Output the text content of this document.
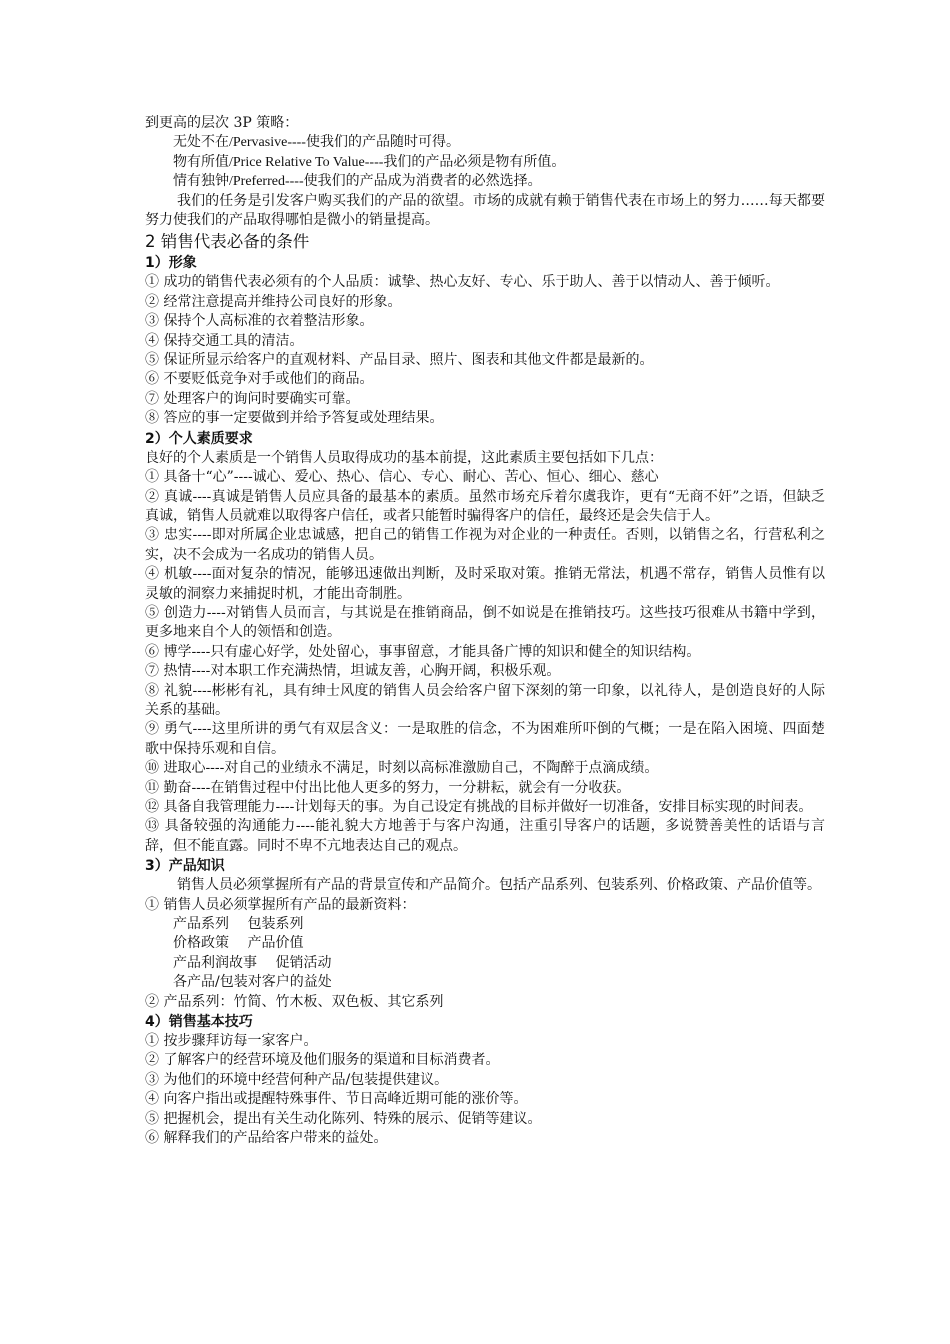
到更高的层次 3P 策略：
无处不在/Pervasive----使我们的产品随时可得。
物有所值/Price Relative To Value----我们的产品必须是物有所值。
情有独钟/Preferred----使我们的产品成为消费者的必然选择。
我们的任务是引发客户购买我们的产品的欲望。市场的成就有赖于销售代表在市场上的努力……每天都要努力使我们的产品取得哪怕是微小的销量提高。
2 销售代表必备的条件
1）形象
① 成功的销售代表必须有的个人品质：诚挚、热心友好、专心、乐于助人、善于以情动人、善于倾听。
② 经常注意提高并维持公司良好的形象。
③ 保持个人高标准的衣着整洁形象。
④ 保持交通工具的清洁。
⑤ 保证所显示给客户的直观材料、产品目录、照片、图表和其他文件都是最新的。
⑥ 不要贬低竞争对手或他们的商品。
⑦ 处理客户的询问时要确实可靠。
⑧ 答应的事一定要做到并给予答复或处理结果。
2）个人素质要求
良好的个人素质是一个销售人员取得成功的基本前提，这此素质主要包括如下几点：
① 具备十“心”----诚心、爱心、热心、信心、专心、耐心、苦心、恒心、细心、慈心
② 真诚----真诚是销售人员应具备的最基本的素质。虽然市场充斥着尔虞我诈，更有“无商不奸”之语，但缺乏真诚，销售人员就难以取得客户信任，或者只能暂时骗得客户的信任，最终还是会失信于人。
③ 忠实----即对所属企业忠诚感，把自己的销售工作视为对企业的一种责任。否则，以销售之名，行营私利之实，决不会成为一名成功的销售人员。
④ 机敏----面对复杂的情况，能够迅速做出判断，及时采取对策。推销无常法，机遇不常存，销售人员惟有以灵敏的洞察力来捕捉时机，才能出奇制胜。
⑤ 创造力----对销售人员而言，与其说是在推销商品，倒不如说是在推销技巧。这些技巧很难从书籍中学到，更多地来自个人的领悟和创造。
⑥ 博学----只有虚心好学，处处留心，事事留意，才能具备广博的知识和健全的知识结构。
⑦ 热情----对本职工作充满热情，坦诚友善，心胸开阔，积极乐观。
⑧ 礼貌----彬彬有礼，具有绅士风度的销售人员会给客户留下深刻的第一印象，以礼待人，是创造良好的人际关系的基础。
⑨ 勇气----这里所讲的勇气有双层含义：一是取胜的信念，不为困难所吓倒的气概；一是在陷入困境、四面楚歌中保持乐观和自信。
⑩ 进取心----对自己的业绩永不满足，时刻以高标准激励自己，不陶醉于点滴成绩。
⑪ 勤奋----在销售过程中付出比他人更多的努力，一分耕耘，就会有一分收获。
⑫ 具备自我管理能力----计划每天的事。为自己设定有挑战的目标并做好一切准备，安排目标实现的时间表。
⑬ 具备较强的沟通能力----能礼貌大方地善于与客户沟通，注重引导客户的话题，多说赞善美性的话语与言辞，但不能直露。同时不卑不亢地表达自己的观点。
3）产品知识
销售人员必须掌握所有产品的背景宣传和产品简介。包括产品系列、包装系列、价格政策、产品价值等。
① 销售人员必须掌握所有产品的最新资料：
产品系列　 包装系列
价格政策　 产品价值
产品利润故事　 促销活动
各产品/包装对客户的益处
② 产品系列：竹简、竹木板、双色板、其它系列
4）销售基本技巧
① 按步骤拜访每一家客户。
② 了解客户的经营环境及他们服务的渠道和目标消费者。
③ 为他们的环境中经营何种产品/包装提供建议。
④ 向客户指出或提醒特殊事件、节日高峰近期可能的涨价等。
⑤ 把握机会，提出有关生动化陈列、特殊的展示、促销等建议。
⑥ 解释我们的产品给客户带来的益处。
